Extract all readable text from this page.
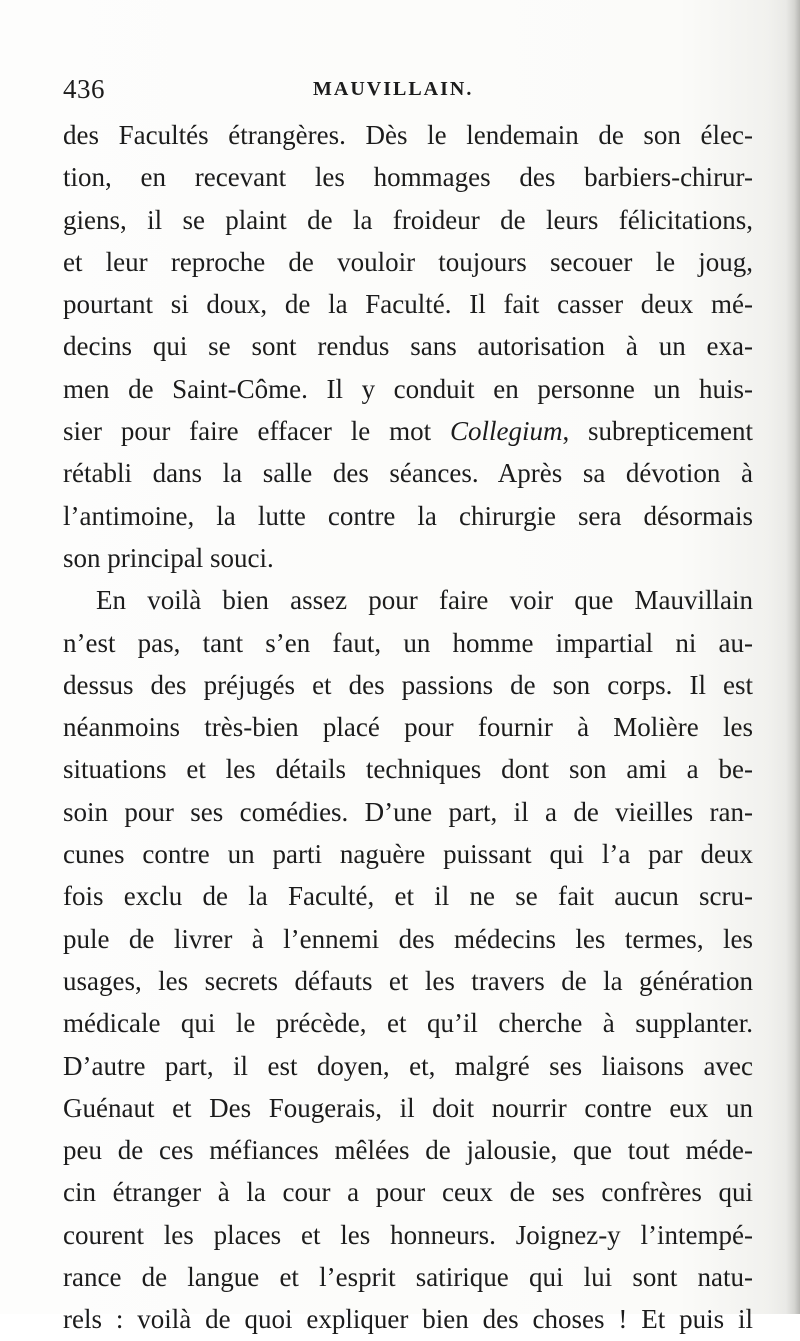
436	MAUVILLAIN.
des Facultés étrangères. Dès le lendemain de son élec-
tion, en recevant les hommages des barbiers-chirur-
giens, il se plaint de la froideur de leurs félicitations,
et leur reproche de vouloir toujours secouer le joug,
pourtant si doux, de la Faculté. Il fait casser deux mé-
decins qui se sont rendus sans autorisation à un exa-
men de Saint-Côme. Il y conduit en personne un huis-
sier pour faire effacer le mot Collegium, subrepticement
rétabli dans la salle des séances. Après sa dévotion à
l’antimoine, la lutte contre la chirurgie sera désormais
son principal souci.
En voilà bien assez pour faire voir que Mauvillain
n’est pas, tant s’en faut, un homme impartial ni au-
dessus des préjugés et des passions de son corps. Il est
néanmoins très-bien placé pour fournir à Molière les
situations et les détails techniques dont son ami a be-
soin pour ses comédies. D’une part, il a de vieilles ran-
cunes contre un parti naguère puissant qui l’a par deux
fois exclu de la Faculté, et il ne se fait aucun scru-
pule de livrer à l’ennemi des médecins les termes, les
usages, les secrets défauts et les travers de la génération
médicale qui le précède, et qu’il cherche à supplanter.
D’autre part, il est doyen, et, malgré ses liaisons avec
Guénaut et Des Fougerais, il doit nourrir contre eux un
peu de ces méfiances mêlées de jalousie, que tout méde-
cin étranger à la cour a pour ceux de ses confrères qui
courent les places et les honneurs. Joignez-y l’intempé-
rance de langue et l’esprit satirique qui lui sont natu-
rels : voilà de quoi expliquer bien des choses ! Et puis il
